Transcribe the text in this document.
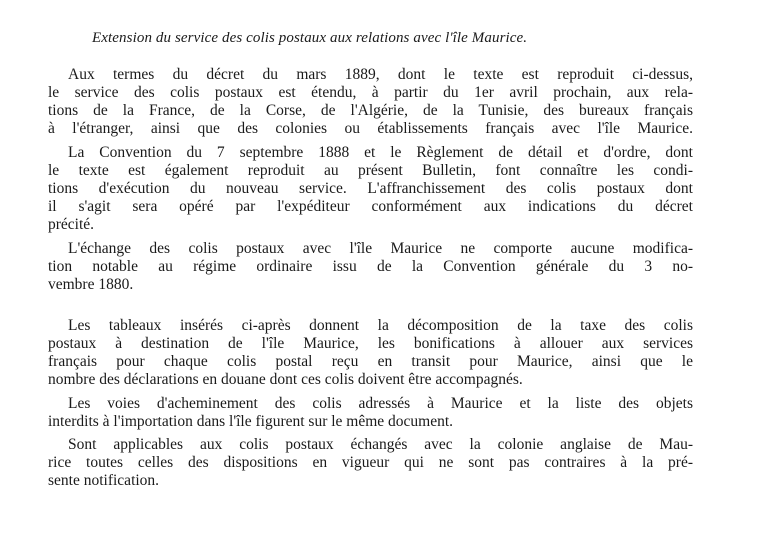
Extension du service des colis postaux aux relations avec l'île Maurice.
Aux termes du décret du mars 1889, dont le texte est reproduit ci-dessus,
le service des colis postaux est étendu, à partir du 1er avril prochain, aux rela-
tions de la France, de la Corse, de l'Algérie, de la Tunisie, des bureaux français
à l'étranger, ainsi que des colonies ou établissements français avec l'île Maurice.
La Convention du 7 septembre 1888 et le Règlement de détail et d'ordre, dont
le texte est également reproduit au présent Bulletin, font connaître les condi-
tions d'exécution du nouveau service. L'affranchissement des colis postaux dont
il s'agit sera opéré par l'expéditeur conformément aux indications du décret
précité.
L'échange des colis postaux avec l'île Maurice ne comporte aucune modifica-
tion notable au régime ordinaire issu de la Convention générale du 3 no-
vembre 1880.
Les tableaux insérés ci-après donnent la décomposition de la taxe des colis
postaux à destination de l'île Maurice, les bonifications à allouer aux services
français pour chaque colis postal reçu en transit pour Maurice, ainsi que le
nombre des déclarations en douane dont ces colis doivent être accompagnés.
Les voies d'acheminement des colis adressés à Maurice et la liste des objets
interdits à l'importation dans l'île figurent sur le même document.
Sont applicables aux colis postaux échangés avec la colonie anglaise de Mau-
rice toutes celles des dispositions en vigueur qui ne sont pas contraires à la pré-
sente notification.
